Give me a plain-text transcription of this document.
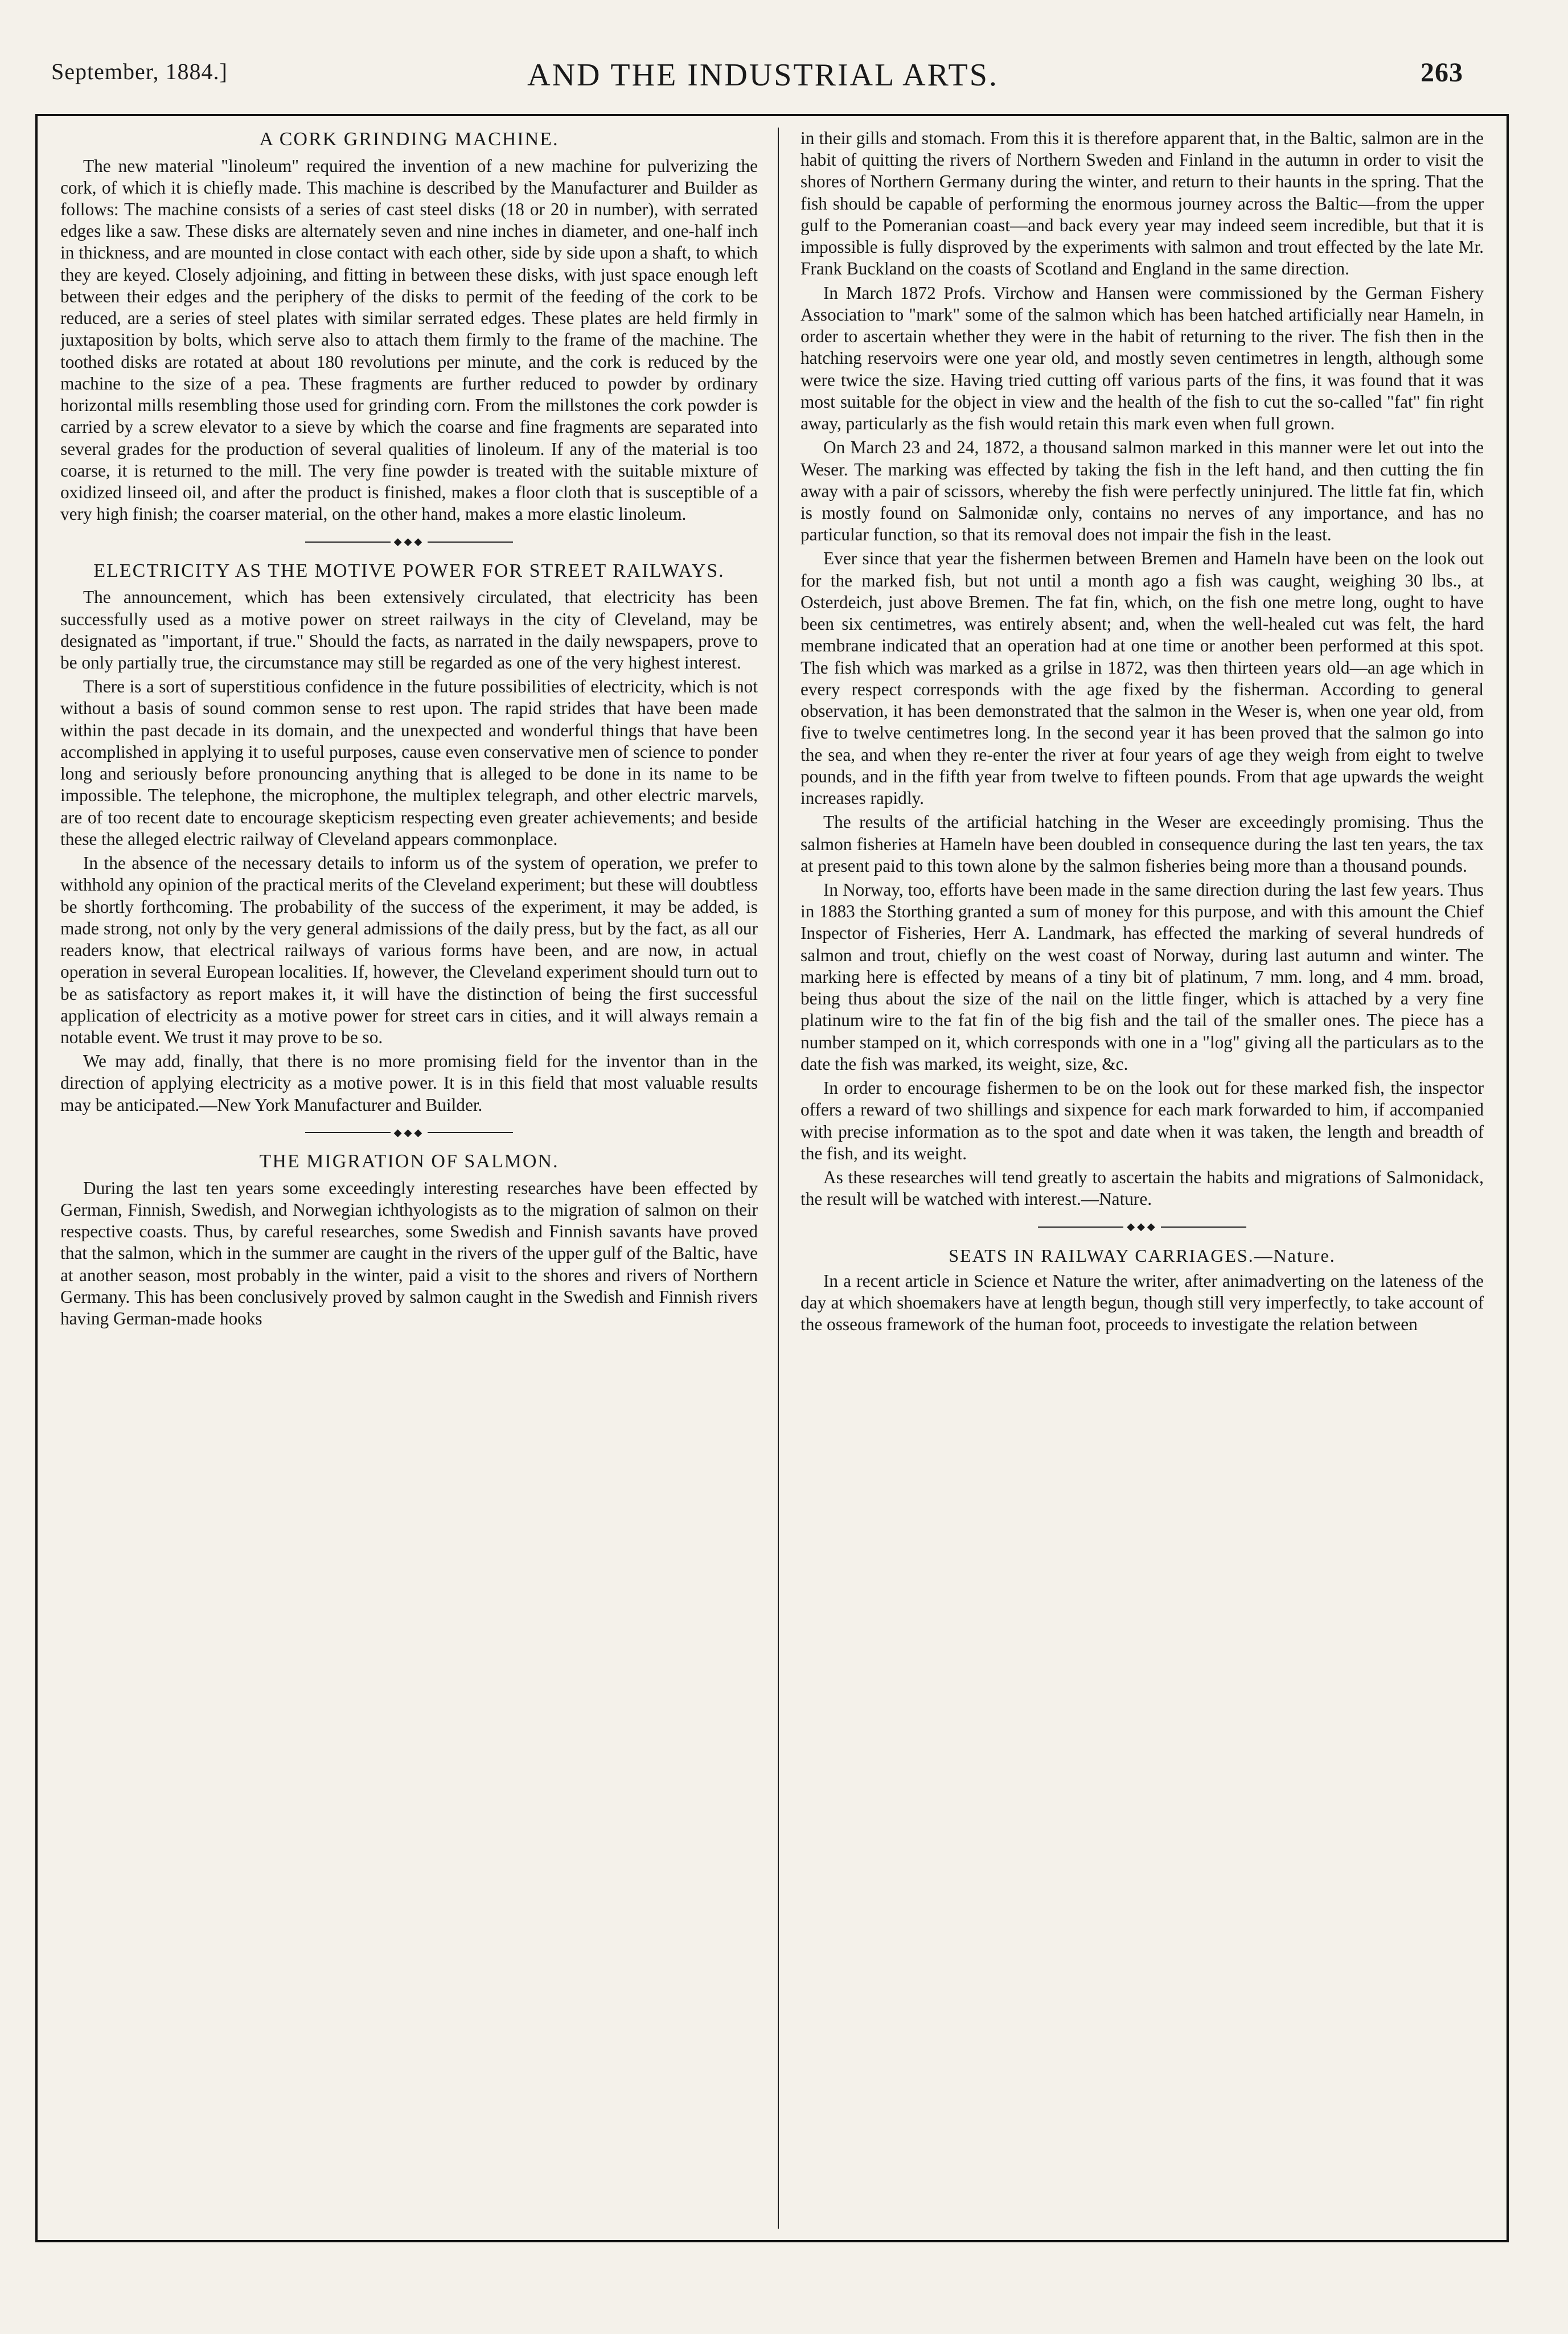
September, 1884.]	AND THE INDUSTRIAL ARTS.	263
A CORK GRINDING MACHINE.

The new material "linoleum" required the invention of a new machine for pulverizing the cork, of which it is chiefly made. This machine is described by the Manufacturer and Builder as follows: The machine consists of a series of cast steel disks (18 or 20 in number), with serrated edges like a saw. These disks are alternately seven and nine inches in diameter, and one-half inch in thickness, and are mounted in close contact with each other, side by side upon a shaft, to which they are keyed. Closely adjoining, and fitting in between these disks, with just space enough left between their edges and the periphery of the disks to permit of the feeding of the cork to be reduced, are a series of steel plates with similar serrated edges. These plates are held firmly in juxtaposition by bolts, which serve also to attach them firmly to the frame of the machine. The toothed disks are rotated at about 180 revolutions per minute, and the cork is reduced by the machine to the size of a pea. These fragments are further reduced to powder by ordinary horizontal mills resembling those used for grinding corn. From the millstones the cork powder is carried by a screw elevator to a sieve by which the coarse and fine fragments are separated into several grades for the production of several qualities of linoleum. If any of the material is too coarse, it is returned to the mill. The very fine powder is treated with the suitable mixture of oxidized linseed oil, and after the product is finished, makes a floor cloth that is susceptible of a very high finish; the coarser material, on the other hand, makes a more elastic linoleum.

◆◆◆
ELECTRICITY AS THE MOTIVE POWER FOR STREET RAILWAYS.

The announcement, which has been extensively circulated, that electricity has been successfully used as a motive power on street railways in the city of Cleveland, may be designated as "important, if true." Should the facts, as narrated in the daily newspapers, prove to be only partially true, the circumstance may still be regarded as one of the very highest interest.

There is a sort of superstitious confidence in the future possibilities of electricity, which is not without a basis of sound common sense to rest upon. The rapid strides that have been made within the past decade in its domain, and the unexpected and wonderful things that have been accomplished in applying it to useful purposes, cause even conservative men of science to ponder long and seriously before pronouncing anything that is alleged to be done in its name to be impossible. The telephone, the microphone, the multiplex telegraph, and other electric marvels, are of too recent date to encourage skepticism respecting even greater achievements; and beside these the alleged electric railway of Cleveland appears commonplace.

In the absence of the necessary details to inform us of the system of operation, we prefer to withhold any opinion of the practical merits of the Cleveland experiment; but these will doubtless be shortly forthcoming. The probability of the success of the experiment, it may be added, is made strong, not only by the very general admissions of the daily press, but by the fact, as all our readers know, that electrical railways of various forms have been, and are now, in actual operation in several European localities. If, however, the Cleveland experiment should turn out to be as satisfactory as report makes it, it will have the distinction of being the first successful application of electricity as a motive power for street cars in cities, and it will always remain a notable event. We trust it may prove to be so.

We may add, finally, that there is no more promising field for the inventor than in the direction of applying electricity as a motive power. It is in this field that most valuable results may be anticipated.—New York Manufacturer and Builder.

◆◆◆
THE MIGRATION OF SALMON.

During the last ten years some exceedingly interesting researches have been effected by German, Finnish, Swedish, and Norwegian ichthyologists as to the migration of salmon on their respective coasts. Thus, by careful researches, some Swedish and Finnish savants have proved that the salmon, which in the summer are caught in the rivers of the upper gulf of the Baltic, have at another season, most probably in the winter, paid a visit to the shores and rivers of Northern Germany. This has been conclusively proved by salmon caught in the Swedish and Finnish rivers having German-made hooks

in their gills and stomach. From this it is therefore apparent that, in the Baltic, salmon are in the habit of quitting the rivers of Northern Sweden and Finland in the autumn in order to visit the shores of Northern Germany during the winter, and return to their haunts in the spring. That the fish should be capable of performing the enormous journey across the Baltic—from the upper gulf to the Pomeranian coast—and back every year may indeed seem incredible, but that it is impossible is fully disproved by the experiments with salmon and trout effected by the late Mr. Frank Buckland on the coasts of Scotland and England in the same direction.

In March 1872 Profs. Virchow and Hansen were commissioned by the German Fishery Association to "mark" some of the salmon which has been hatched artificially near Hameln, in order to ascertain whether they were in the habit of returning to the river. The fish then in the hatching reservoirs were one year old, and mostly seven centimetres in length, although some were twice the size. Having tried cutting off various parts of the fins, it was found that it was most suitable for the object in view and the health of the fish to cut the so-called "fat" fin right away, particularly as the fish would retain this mark even when full grown.

On March 23 and 24, 1872, a thousand salmon marked in this manner were let out into the Weser. The marking was effected by taking the fish in the left hand, and then cutting the fin away with a pair of scissors, whereby the fish were perfectly uninjured. The little fat fin, which is mostly found on Salmonidæ only, contains no nerves of any importance, and has no particular function, so that its removal does not impair the fish in the least.

Ever since that year the fishermen between Bremen and Hameln have been on the look out for the marked fish, but not until a month ago a fish was caught, weighing 30 lbs., at Osterdeich, just above Bremen. The fat fin, which, on the fish one metre long, ought to have been six centimetres, was entirely absent; and, when the well-healed cut was felt, the hard membrane indicated that an operation had at one time or another been performed at this spot. The fish which was marked as a grilse in 1872, was then thirteen years old—an age which in every respect corresponds with the age fixed by the fisherman. According to general observation, it has been demonstrated that the salmon in the Weser is, when one year old, from five to twelve centimetres long. In the second year it has been proved that the salmon go into the sea, and when they re-enter the river at four years of age they weigh from eight to twelve pounds, and in the fifth year from twelve to fifteen pounds. From that age upwards the weight increases rapidly.

The results of the artificial hatching in the Weser are exceedingly promising. Thus the salmon fisheries at Hameln have been doubled in consequence during the last ten years, the tax at present paid to this town alone by the salmon fisheries being more than a thousand pounds.

In Norway, too, efforts have been made in the same direction during the last few years. Thus in 1883 the Storthing granted a sum of money for this purpose, and with this amount the Chief Inspector of Fisheries, Herr A. Landmark, has effected the marking of several hundreds of salmon and trout, chiefly on the west coast of Norway, during last autumn and winter. The marking here is effected by means of a tiny bit of platinum, 7 mm. long, and 4 mm. broad, being thus about the size of the nail on the little finger, which is attached by a very fine platinum wire to the fat fin of the big fish and the tail of the smaller ones. The piece has a number stamped on it, which corresponds with one in a "log" giving all the particulars as to the date the fish was marked, its weight, size, &c.

In order to encourage fishermen to be on the look out for these marked fish, the inspector offers a reward of two shillings and sixpence for each mark forwarded to him, if accompanied with precise information as to the spot and date when it was taken, the length and breadth of the fish, and its weight.

As these researches will tend greatly to ascertain the habits and migrations of Salmonidack, the result will be watched with interest.—Nature.

◆◆◆
SEATS IN RAILWAY CARRIAGES.—Nature.

In a recent article in Science et Nature the writer, after animadverting on the lateness of the day at which shoemakers have at length begun, though still very imperfectly, to take account of the osseous framework of the human foot, proceeds to investigate the relation between
